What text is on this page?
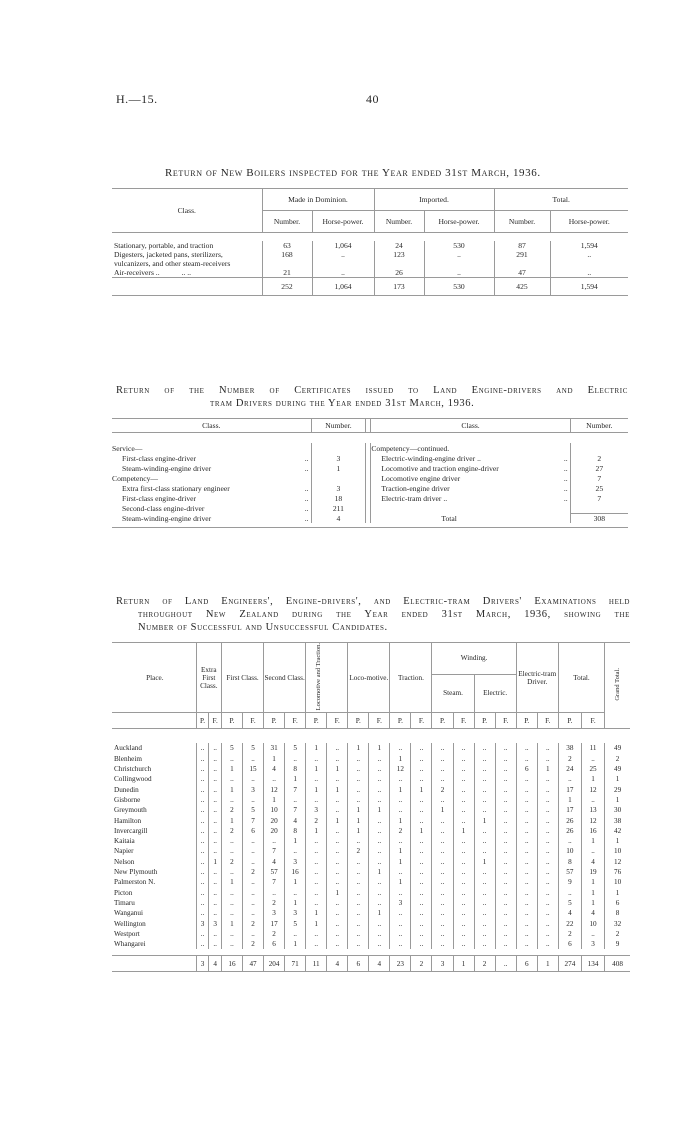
H.—15.	40
Return of New Boilers inspected for the Year ended 31st March, 1936.
Class.	Made in Dominion.		Imported.		Total.	
	Number.	Horse-power.	Number.	Horse-power.	Number.	Horse-power.

Stationary, portable, and traction	63	1,064	24	530	87	1,594
Digesters, jacketed pans, sterilizers, vulcanizers, and other steam-receivers	168	..	123	..	291	..
Air-receivers .. .. ..	21	..	26	..	47	..
	252	1,064	173	530	425	1,594
Return of the Number of Certificates issued to Land Engine-drivers and Electric
tram Drivers during the Year ended 31st March, 1936.
Class.	Number.		Class.	Number.

Service—			Competency—continued.	
First-class engine-driver ..	3		Electric-winding-engine driver .. ..	2
Steam-winding-engine driver ..	1		Locomotive and traction engine-driver ..	27
Competency—			Locomotive engine driver ..	7
Extra first-class stationary engineer ..	3		Traction-engine driver ..	25
First-class engine-driver ..	18		Electric-tram driver .. ..	7
Second-class engine-driver ..	211			
Steam-winding-engine driver ..	4		Total	308

Return of Land Engineers', Engine-drivers', and Electric-tram Drivers' Examinations held
throughout New Zealand during the Year ended 31st March, 1936, showing the
Number of Successful and Unsuccessful Candidates.
Place.	Extra First Class.		First Class.		Second Class.		Locomotive and Traction.		Loco-motive.		Traction.		Winding.				Electric-tram Driver.		Total.		Grand Total.
													Steam.		Electric.						
	P.	F.	P.	F.	P.	F.	P.	F.	P.	F.	P.	F.	P.	F.	P.	F.	P.	F.	P.	F.	

Auckland	..	..	5	5	31	5	1	..	1	1	..	..	..	..	..	..	..	..	38	11	49
Blenheim	..	..	..	..	1	..	..	..	..	..	1	..	..	..	..	..	..	..	2	..	2
Christchurch	..	..	1	15	4	8	1	1	..	..	12	..	..	..	..	..	6	1	24	25	49
Collingwood	..	..	..	..	..	1	..	..	..	..	..	..	..	..	..	..	..	..	..	1	1
Dunedin	..	..	1	3	12	7	1	1	..	..	1	1	2	..	..	..	..	..	17	12	29
Gisborne	..	..	..	..	1	..	..	..	..	..	..	..	..	..	..	..	..	..	1	..	1
Greymouth	..	..	2	5	10	7	3	..	1	1	..	..	1	..	..	..	..	..	17	13	30
Hamilton	..	..	1	7	20	4	2	1	1	..	1	..	..	..	1	..	..	..	26	12	38
Invercargill	..	..	2	6	20	8	1	..	1	..	2	1	..	1	..	..	..	..	26	16	42
Kaitaia	..	..	..	..	..	1	..	..	..	..	..	..	..	..	..	..	..	..	..	1	1
Napier	..	..	..	..	7	..	..	..	2	..	1	..	..	..	..	..	..	..	10	..	10
Nelson	..	1	2	..	4	3	..	..	..	..	1	..	..	..	1	..	..	..	8	4	12
New Plymouth	..	..	..	2	57	16	..	..	..	1	..	..	..	..	..	..	..	..	57	19	76
Palmerston N.	..	..	1	..	7	1	..	..	..	..	1	..	..	..	..	..	..	..	9	1	10
Picton	..	..	..	..	..	..	..	1	..	..	..	..	..	..	..	..	..	..	..	1	1
Timaru	..	..	..	..	2	1	..	..	..	..	3	..	..	..	..	..	..	..	5	1	6
Wanganui	..	..	..	..	3	3	1	..	..	1	..	..	..	..	..	..	..	..	4	4	8
Wellington	3	3	1	2	17	5	1	..	..	..	..	..	..	..	..	..	..	..	22	10	32
Westport	..	..	..	..	2	..	..	..	..	..	..	..	..	..	..	..	..	..	2	..	2
Whangarei	..	..	..	2	6	1	..	..	..	..	..	..	..	..	..	..	..	..	6	3	9

	3	4	16	47	204	71	11	4	6	4	23	2	3	1	2	..	6	1	274	134	408
